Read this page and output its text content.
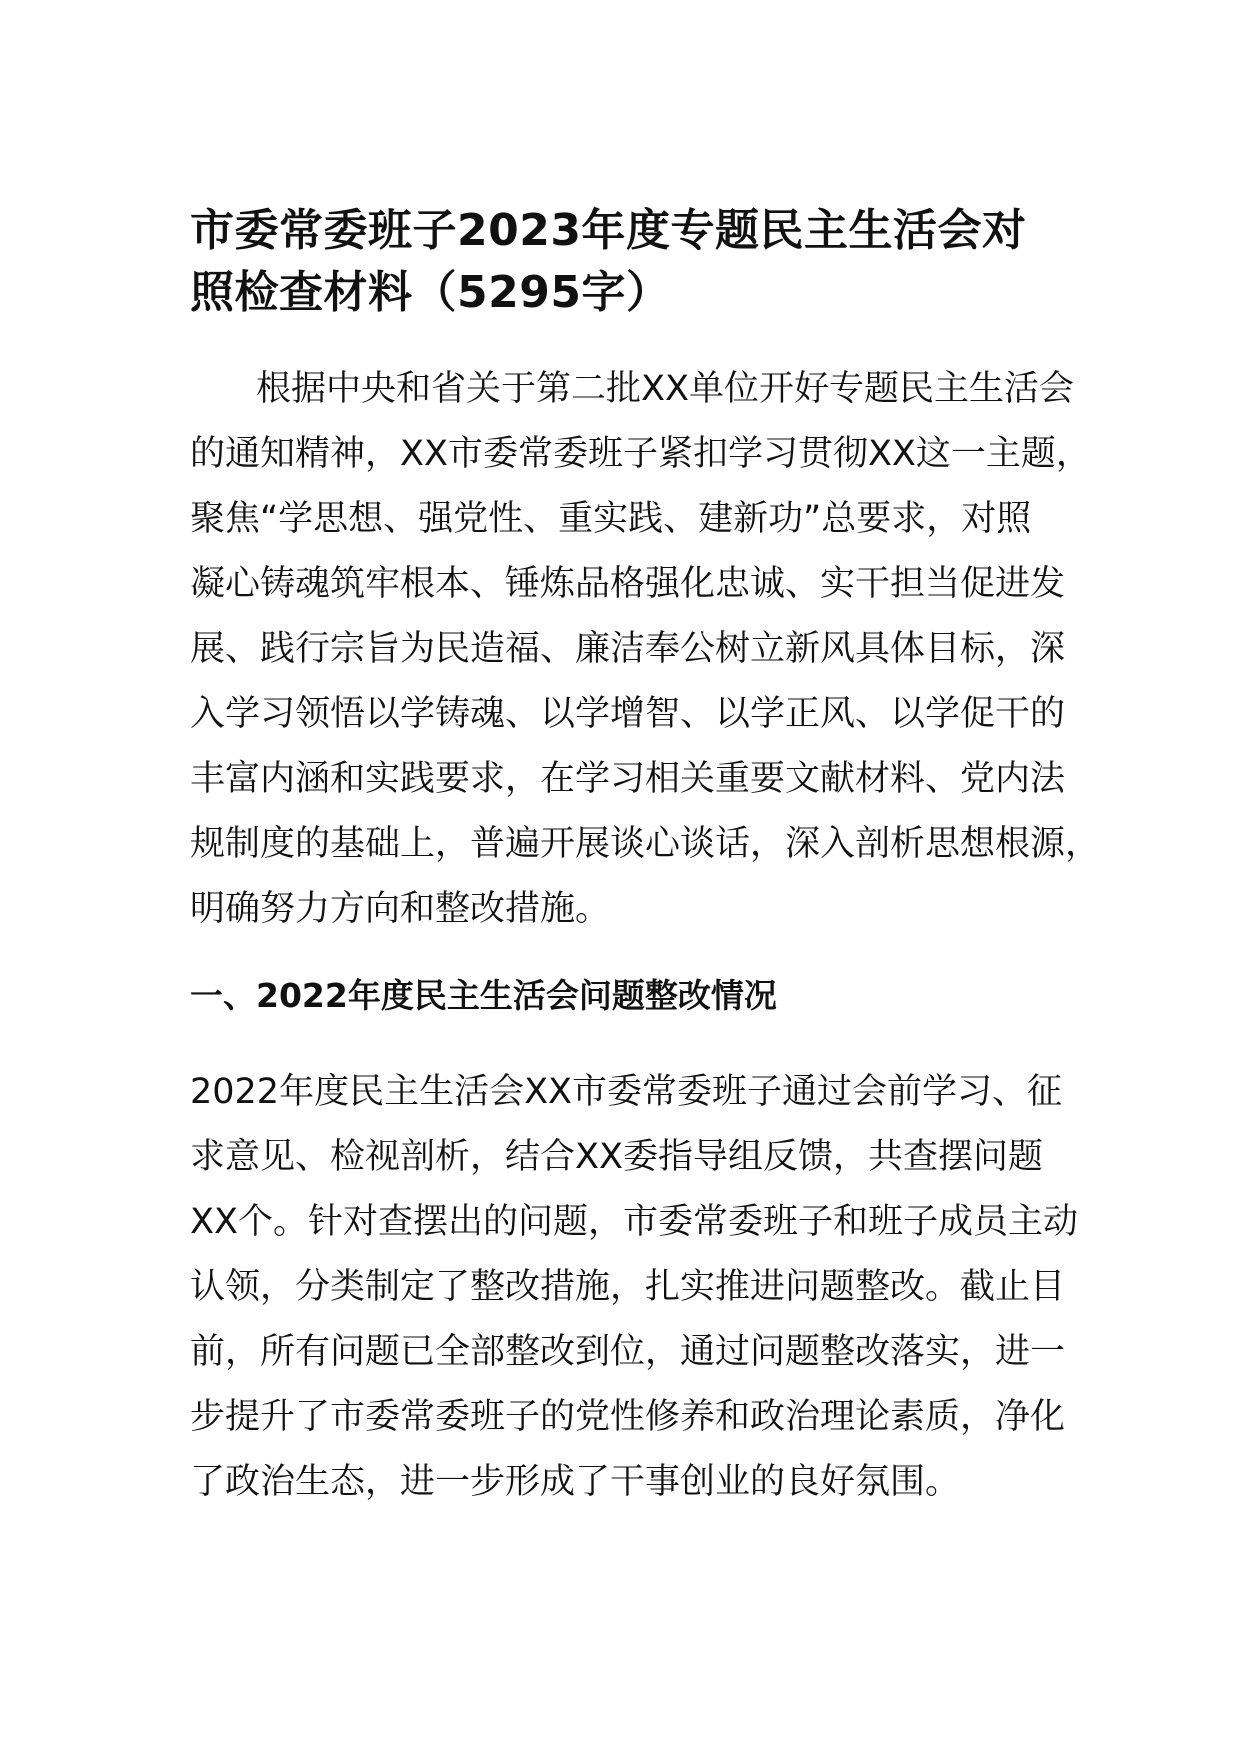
市委常委班子2023年度专题民主生活会对
照检查材料（5295字）

根据中央和省关于第二批XX单位开好专题民主生活会
的通知精神，XX市委常委班子紧扣学习贯彻XX这一主题，
聚焦“学思想、强党性、重实践、建新功”总要求，对照
凝心铸魂筑牢根本、锤炼品格强化忠诚、实干担当促进发
展、践行宗旨为民造福、廉洁奉公树立新风具体目标，深
入学习领悟以学铸魂、以学增智、以学正风、以学促干的
丰富内涵和实践要求，在学习相关重要文献材料、党内法
规制度的基础上，普遍开展谈心谈话，深入剖析思想根源，
明确努力方向和整改措施。

一、2022年度民主生活会问题整改情况

2022年度民主生活会XX市委常委班子通过会前学习、征
求意见、检视剖析，结合XX委指导组反馈，共查摆问题
XX个。针对查摆出的问题，市委常委班子和班子成员主动
认领，分类制定了整改措施，扎实推进问题整改。截止目
前，所有问题已全部整改到位，通过问题整改落实，进一
步提升了市委常委班子的党性修养和政治理论素质，净化
了政治生态，进一步形成了干事创业的良好氛围。
